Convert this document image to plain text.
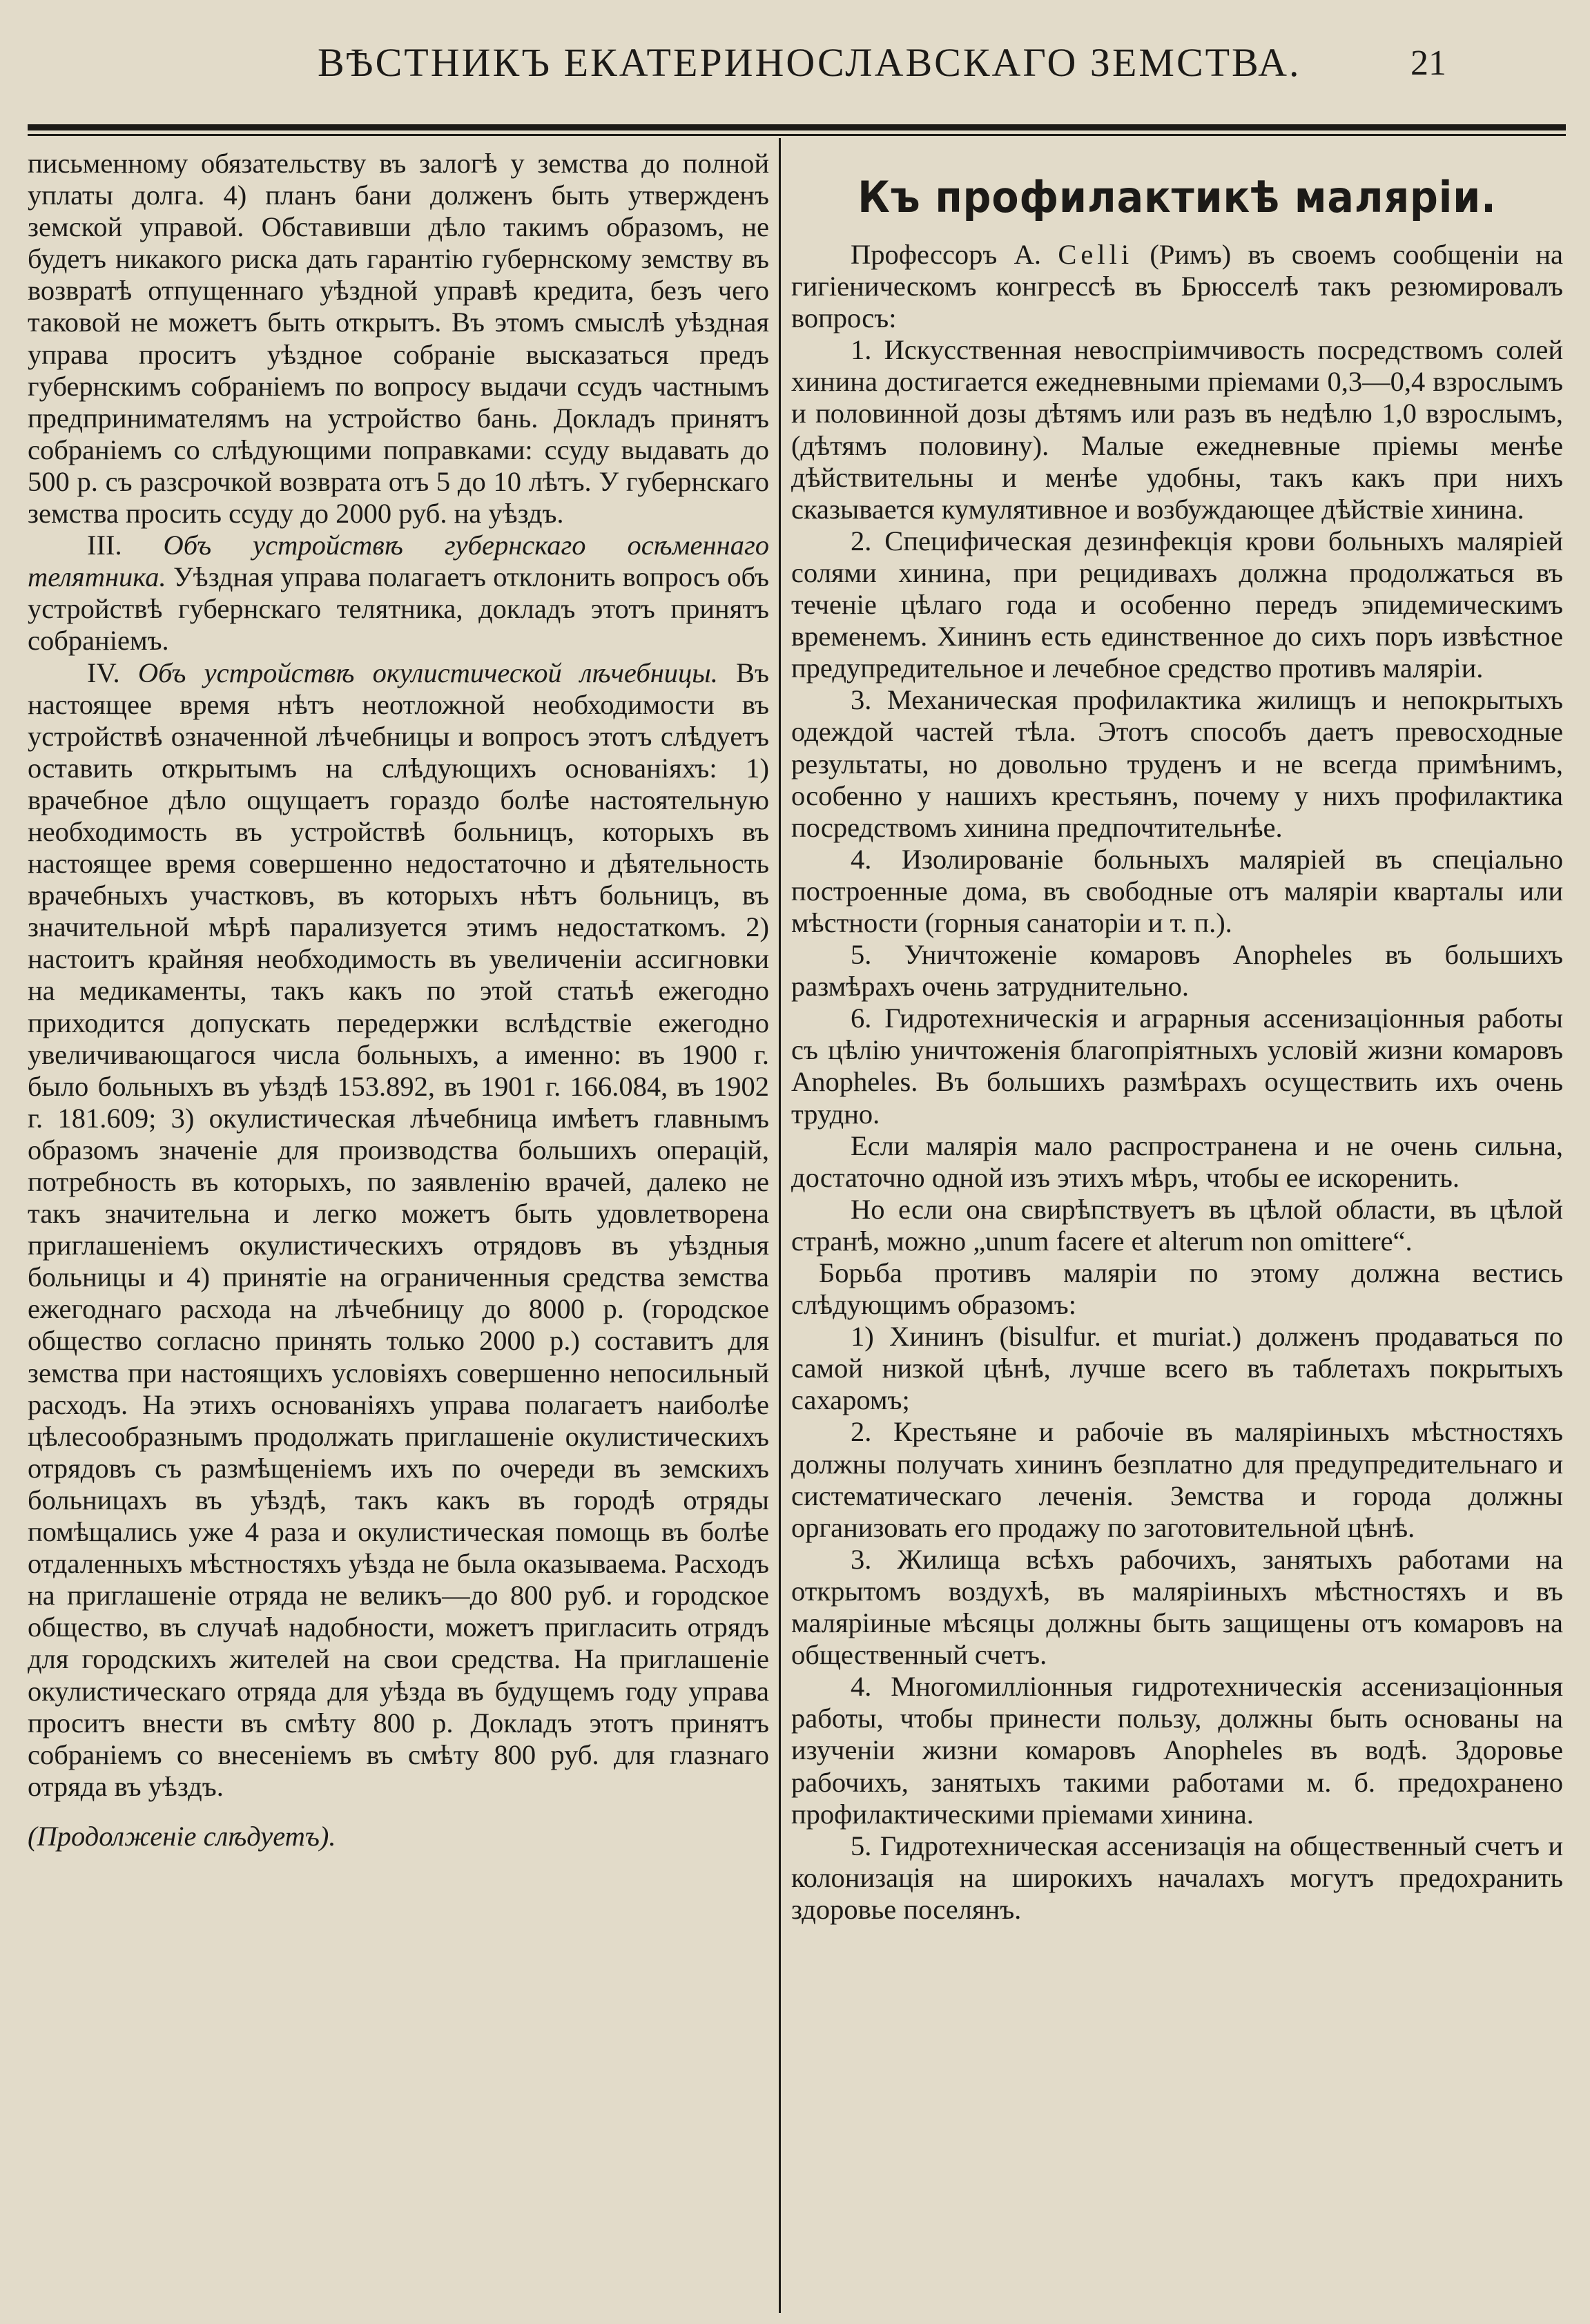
ВѢСТНИКЪ ЕКАТЕРИНОСЛАВСКАГО ЗЕМСТВА.	21

письменному обязательству въ залогѣ у земства до полной уплаты долга. 4) планъ бани долженъ быть утвержденъ земской управой. Обставивши дѣло такимъ образомъ, не будетъ никакого риска дать гарантію губернскому земству въ возвратѣ отпущеннаго уѣздной управѣ кредита, безъ чего таковой не можетъ быть открытъ. Въ этомъ смыслѣ уѣздная управа проситъ уѣздное собраніе высказаться предъ губернскимъ собраніемъ по вопросу выдачи ссудъ частнымъ предпринимателямъ на устройство бань. Докладъ принятъ собраніемъ со слѣдующими поправками: ссуду выдавать до 500 р. съ разсрочкой возврата отъ 5 до 10 лѣтъ. У губернскаго земства просить ссуду до 2000 руб. на уѣздъ.

III. Объ устройствѣ губернскаго осѣменнаго телятника. Уѣздная управа полагаетъ отклонить вопросъ объ устройствѣ губернскаго телятника, докладъ этотъ принятъ собраніемъ.

IV. Объ устройствѣ окулистической лѣчебницы. Въ настоящее время нѣтъ неотложной необходимости въ устройствѣ означенной лѣчебницы и вопросъ этотъ слѣдуетъ оставить открытымъ на слѣдующихъ основаніяхъ: 1) врачебное дѣло ощущаетъ гораздо болѣе настоятельную необходимость въ устройствѣ больницъ, которыхъ въ настоящее время совершенно недостаточно и дѣятельность врачебныхъ участковъ, въ которыхъ нѣтъ больницъ, въ значительной мѣрѣ парализуется этимъ недостаткомъ. 2) настоитъ крайняя необходимость въ увеличеніи ассигновки на медикаменты, такъ какъ по этой статьѣ ежегодно приходится допускать передержки вслѣдствіе ежегодно увеличивающагося числа больныхъ, а именно: въ 1900 г. было больныхъ въ уѣздѣ 153.892, въ 1901 г. 166.084, въ 1902 г. 181.609; 3) окулистическая лѣчебница имѣетъ главнымъ образомъ значеніе для производства большихъ операцій, потребность въ которыхъ, по заявленію врачей, далеко не такъ значительна и легко можетъ быть удовлетворена приглашеніемъ окулистическихъ отрядовъ въ уѣздныя больницы и 4) принятіе на ограниченныя средства земства ежегоднаго расхода на лѣчебницу до 8000 р. (городское общество согласно принять только 2000 р.) составитъ для земства при настоящихъ условіяхъ совершенно непосильный расходъ. На этихъ основаніяхъ управа полагаетъ наиболѣе цѣлесообразнымъ продолжать приглашеніе окулистическихъ отрядовъ съ размѣщеніемъ ихъ по очереди въ земскихъ больницахъ въ уѣздѣ, такъ какъ въ городѣ отряды помѣщались уже 4 раза и окулистическая помощь въ болѣе отдаленныхъ мѣстностяхъ уѣзда не была оказываема. Расходъ на приглашеніе отряда не великъ—до 800 руб. и городское общество, въ случаѣ надобности, можетъ пригласить отрядъ для городскихъ жителей на свои средства. На приглашеніе окулистическаго отряда для уѣзда въ будущемъ году управа проситъ внести въ смѣту 800 р. Докладъ этотъ принятъ собраніемъ со внесеніемъ въ смѣту 800 руб. для глазнаго отряда въ уѣздъ.

(Продолженіе слѣдуетъ).

Къ профилактикѣ маляріи.

Профессоръ А. Celli (Римъ) въ своемъ сообщеніи на гигіеническомъ конгрессѣ въ Брюсселѣ такъ резюмировалъ вопросъ:

1. Искусственная невоспріимчивость посредствомъ солей хинина достигается ежедневными пріемами 0,3—0,4 взрослымъ и половинной дозы дѣтямъ или разъ въ недѣлю 1,0 взрослымъ, (дѣтямъ половину). Малые ежедневные пріемы менѣе дѣйствительны и менѣе удобны, такъ какъ при нихъ сказывается кумулятивное и возбуждающее дѣйствіе хинина.

2. Специфическая дезинфекція крови больныхъ маляріей солями хинина, при рецидивахъ должна продолжаться въ теченіе цѣлаго года и особенно передъ эпидемическимъ временемъ. Хининъ есть единственное до сихъ поръ извѣстное предупредительное и лечебное средство противъ маляріи.

3. Механическая профилактика жилищъ и непокрытыхъ одеждой частей тѣла. Этотъ способъ даетъ превосходные результаты, но довольно труденъ и не всегда примѣнимъ, особенно у нашихъ крестьянъ, почему у нихъ профилактика посредствомъ хинина предпочтительнѣе.

4. Изолированіе больныхъ маляріей въ спеціально построенные дома, въ свободные отъ маляріи кварталы или мѣстности (горныя санаторіи и т. п.).

5. Уничтоженіе комаровъ Anopheles въ большихъ размѣрахъ очень затруднительно.

6. Гидротехническія и аграрныя ассенизаціонныя работы съ цѣлію уничтоженія благопріятныхъ условій жизни комаровъ Anopheles. Въ большихъ размѣрахъ осуществить ихъ очень трудно.

Если малярія мало распространена и не очень сильна, достаточно одной изъ этихъ мѣръ, чтобы ее искоренить.

Но если она свирѣпствуетъ въ цѣлой области, въ цѣлой странѣ, можно „unum facere et alterum non omittere“.

Борьба противъ маляріи по этому должна вестись слѣдующимъ образомъ:

1) Хининъ (bisulfur. et muriat.) долженъ продаваться по самой низкой цѣнѣ, лучше всего въ таблетахъ покрытыхъ сахаромъ;

2. Крестьяне и рабочіе въ маляріиныхъ мѣстностяхъ должны получать хининъ безплатно для предупредительнаго и систематическаго леченія. Земства и города должны организовать его продажу по заготовительной цѣнѣ.

3. Жилища всѣхъ рабочихъ, занятыхъ работами на открытомъ воздухѣ, въ маляріиныхъ мѣстностяхъ и въ маляріиные мѣсяцы должны быть защищены отъ комаровъ на общественный счетъ.

4. Многомилліонныя гидротехническія ассенизаціонныя работы, чтобы принести пользу, должны быть основаны на изученіи жизни комаровъ Anopheles въ водѣ. Здоровье рабочихъ, занятыхъ такими работами м. б. предохранено профилактическими пріемами хинина.

5. Гидротехническая ассенизація на общественный счетъ и колонизація на широкихъ началахъ могутъ предохранить здоровье поселянъ.
